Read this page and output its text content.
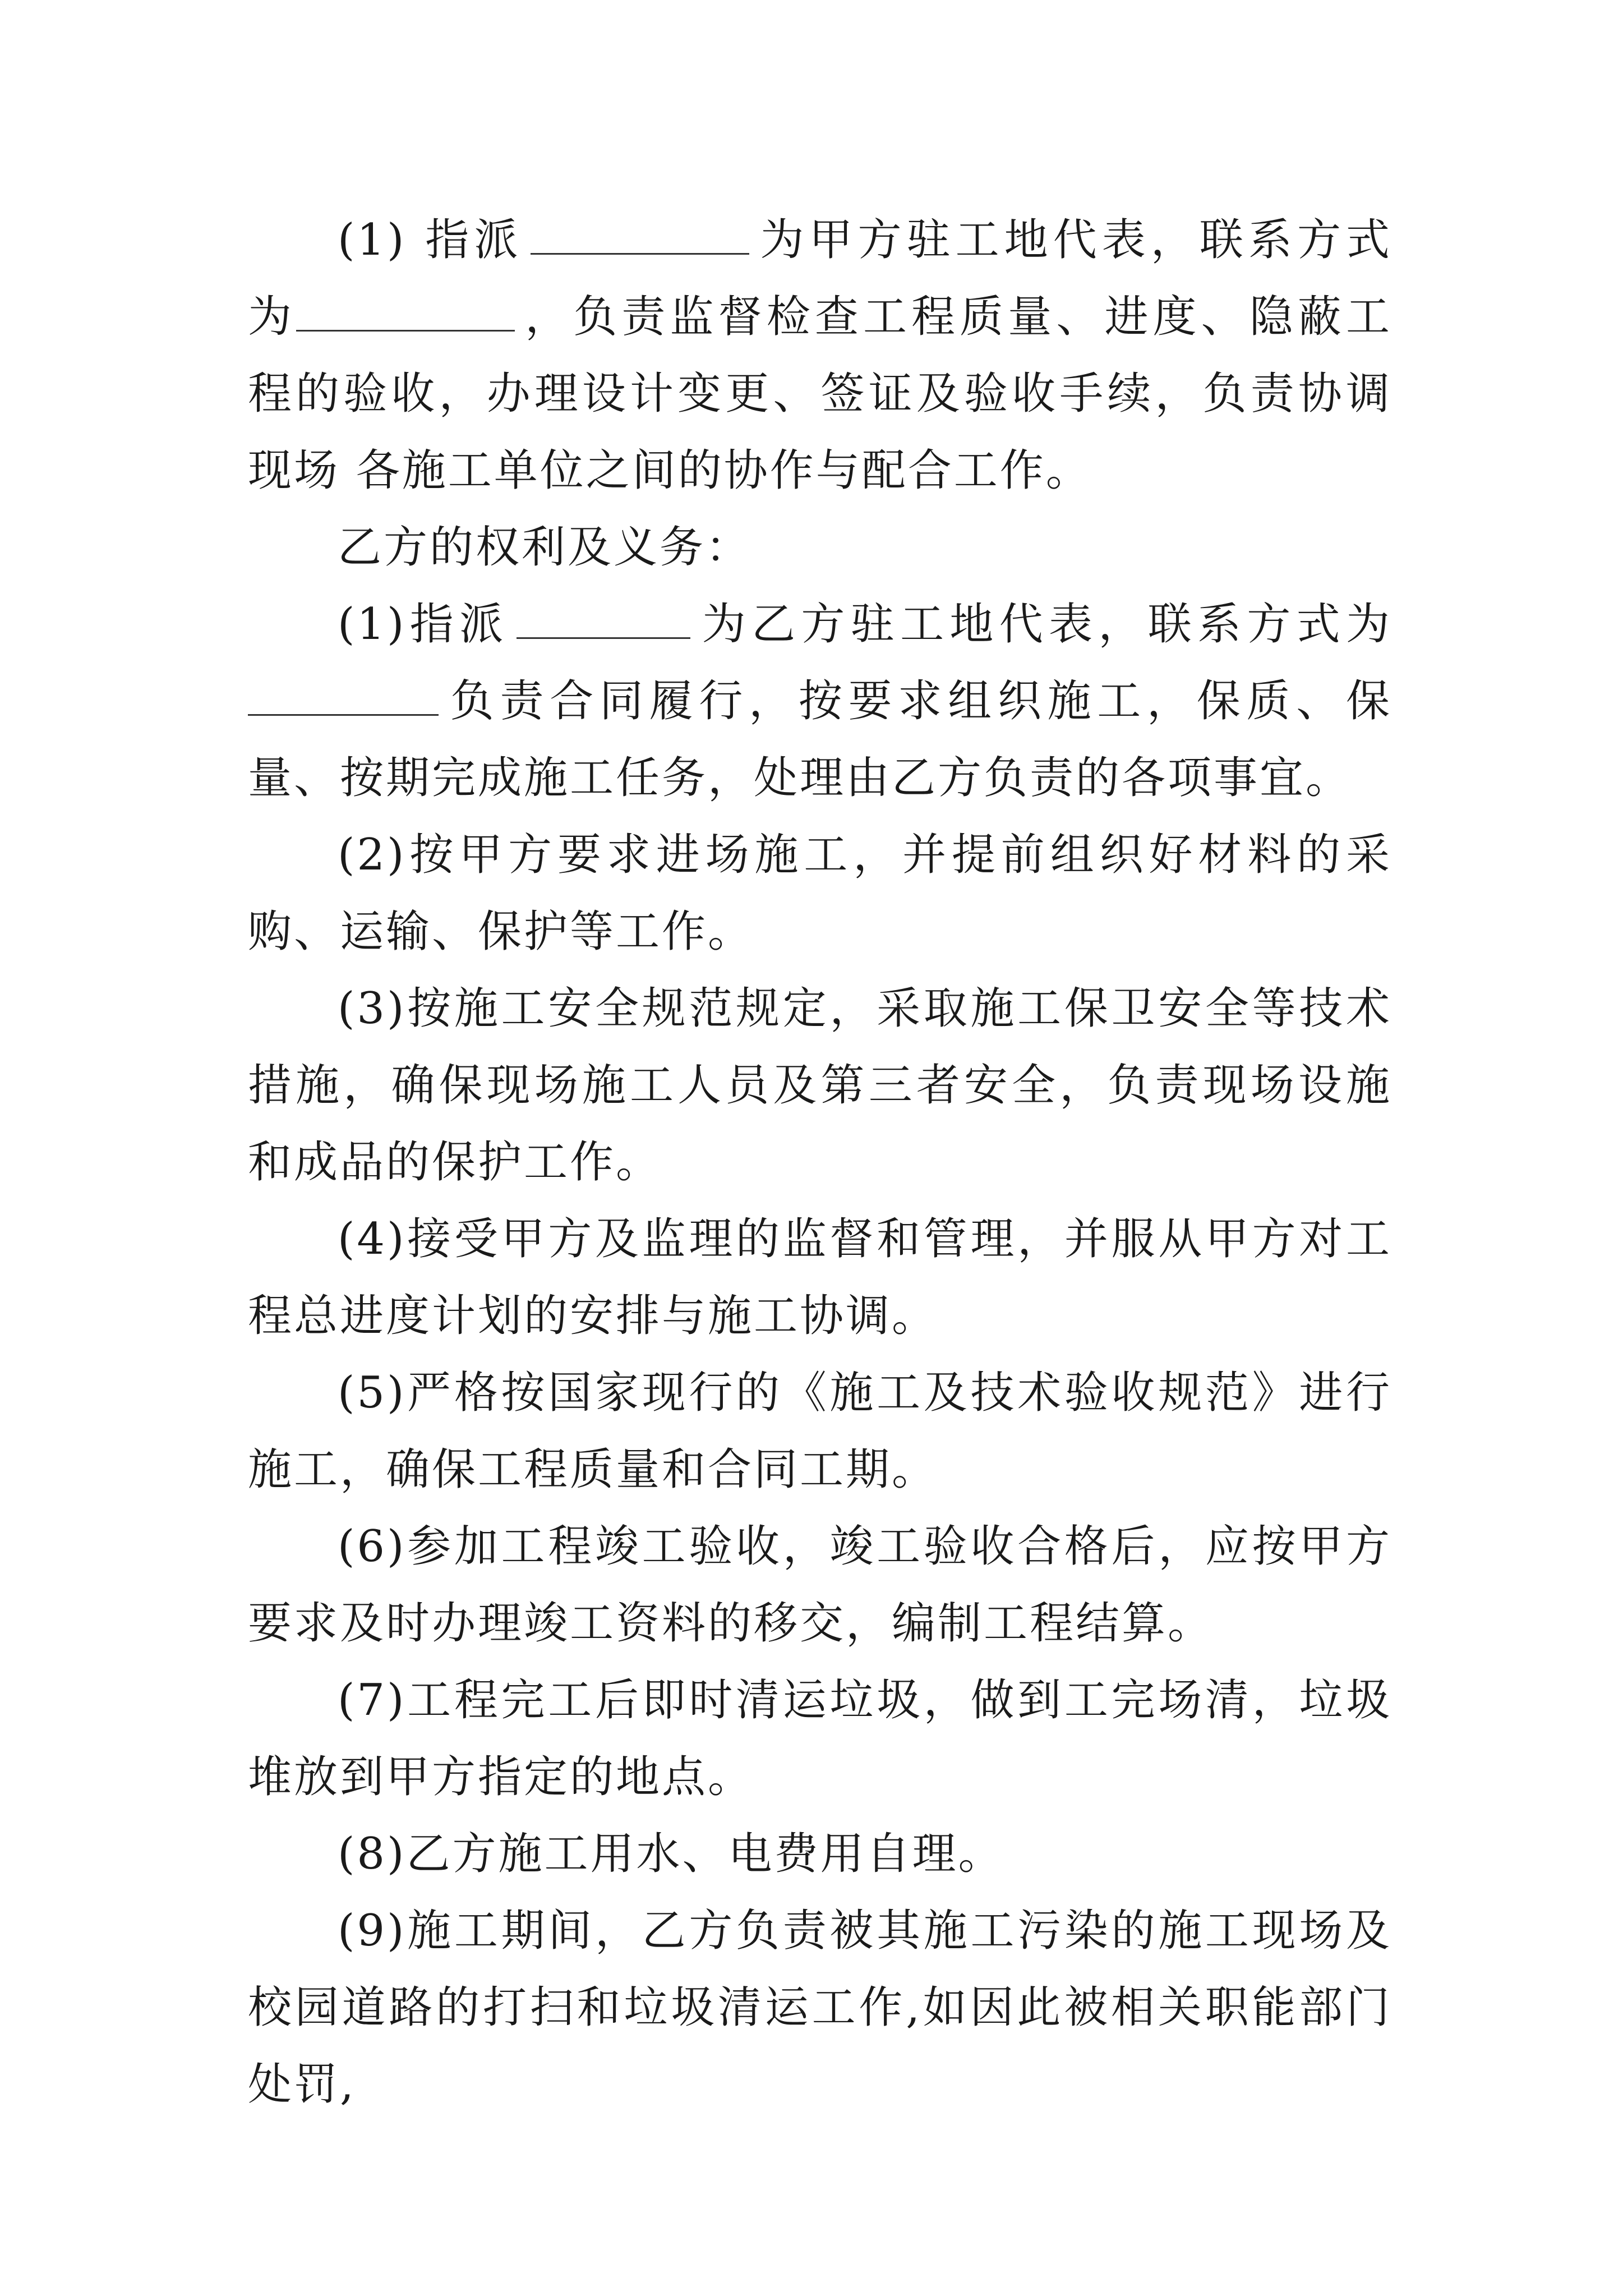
(1) 指派	为甲方驻工地代表，联系方式为	，负责监督检查工程质量、进度、隐蔽工程的验收，办理设计变更、签证及验收手续，负责协调现场 各施工单位之间的协作与配合工作。

乙方的权利及义务：

(1)指派	为乙方驻工地代表，联系方式为负责合同履行，按要求组织施工，保质、保量、按期完成施工任务，处理由乙方负责的各项事宜。

(2)按甲方要求进场施工，并提前组织好材料的采购、运输、保护等工作。

(3)按施工安全规范规定，采取施工保卫安全等技术措施，确保现场施工人员及第三者安全，负责现场设施和成品的保护工作。

(4)接受甲方及监理的监督和管理，并服从甲方对工程总进度计划的安排与施工协调。

(5)严格按国家现行的《施工及技术验收规范》进行施工，确保工程质量和合同工期。

(6)参加工程竣工验收，竣工验收合格后，应按甲方要求及时办理竣工资料的移交，编制工程结算。

(7)工程完工后即时清运垃圾，做到工完场清，垃圾堆放到甲方指定的地点。

(8)乙方施工用水、电费用自理。

(9)施工期间，乙方负责被其施工污染的施工现场及校园道路的打扫和垃圾清运工作,如因此被相关职能部门处罚,
